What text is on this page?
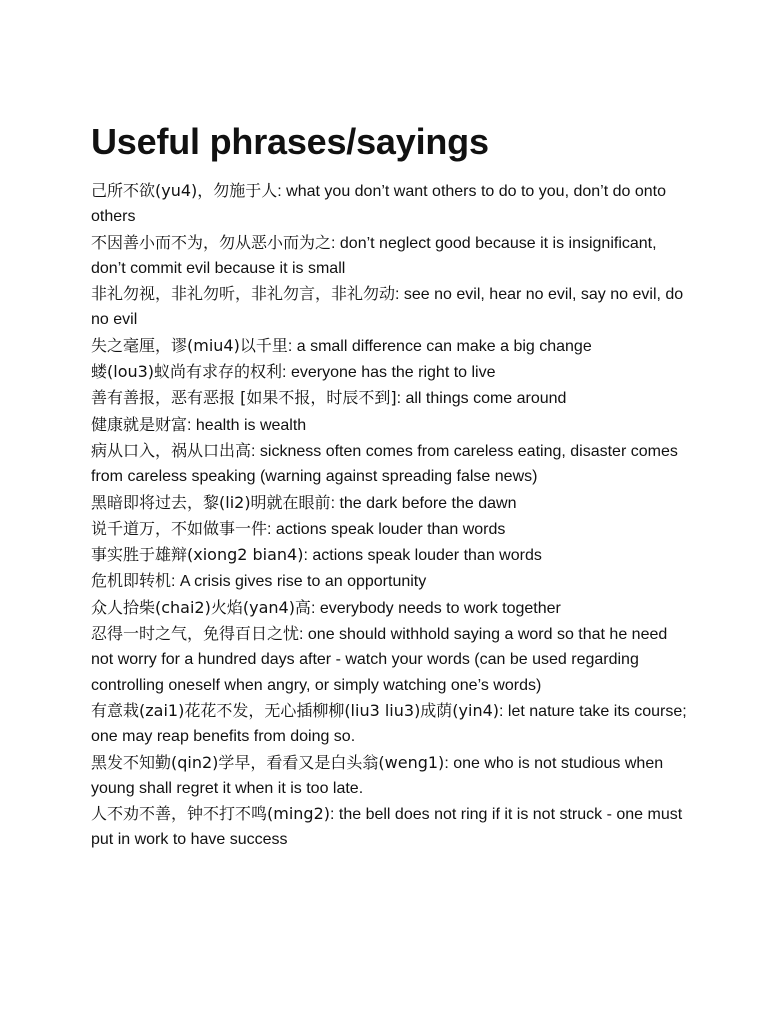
Useful phrases/sayings

己所不欲(yu4)，勿施于人: what you don’t want others to do to you, don’t do onto others

不因善小而不为，勿从恶小而为之: don’t neglect good because it is insignificant, don’t commit evil because it is small

非礼勿视，非礼勿听，非礼勿言，非礼勿动: see no evil, hear no evil, say no evil, do no evil

失之毫厘，谬(miu4)以千里: a small difference can make a big change

蝼(lou3)蚁尚有求存的权利: everyone has the right to live

善有善报，恶有恶报 [如果不报，时辰不到]: all things come around

健康就是财富: health is wealth

病从口入，祸从口出高: sickness often comes from careless eating, disaster comes from careless speaking (warning against spreading false news)

黑暗即将过去，黎(li2)明就在眼前: the dark before the dawn

说千道万，不如做事一件: actions speak louder than words

事实胜于雄辩(xiong2 bian4): actions speak louder than words

危机即转机: A crisis gives rise to an opportunity

众人拾柴(chai2)火焰(yan4)高: everybody needs to work together

忍得一时之气，免得百日之忧: one should withhold saying a word so that he need not worry for a hundred days after - watch your words (can be used regarding controlling oneself when angry, or simply watching one’s words)

有意栽(zai1)花花不发，无心插柳柳(liu3 liu3)成荫(yin4): let nature take its course; one may reap benefits from doing so.

黑发不知勤(qin2)学早，看看又是白头翁(weng1): one who is not studious when young shall regret it when it is too late.

人不劝不善，钟不打不鸣(ming2): the bell does not ring if it is not struck - one must put in work to have success
